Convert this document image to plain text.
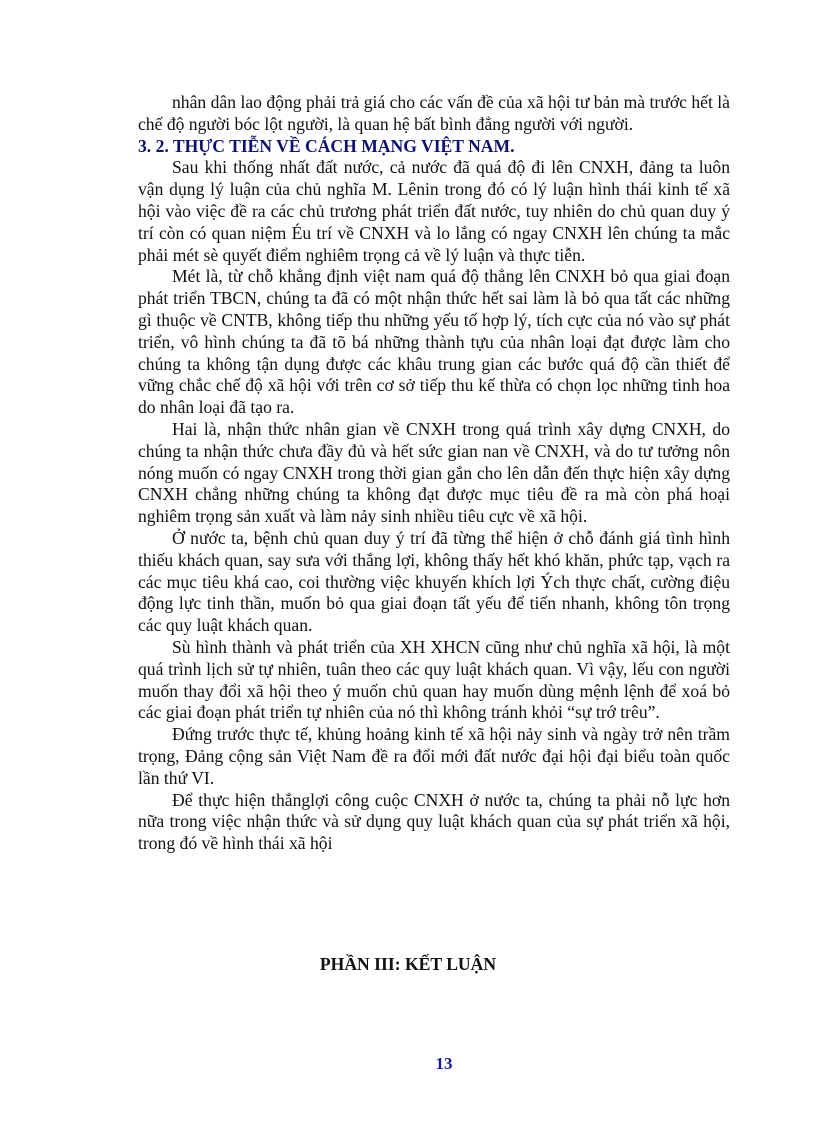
nhân dân lao động phải trả giá cho các vấn đề của xã hội tư bản mà trước hết là chế độ người bóc lột người, là quan hệ bất bình đẳng người với người.

3. 2. THỰC TIỄN VỀ CÁCH MẠNG VIỆT NAM.

Sau khi thống nhất đất nước, cả nước đã quá độ đi lên CNXH, đảng ta luôn vận dụng lý luận của chủ nghĩa M. Lênin trong đó có lý luận hình thái kinh tế xã hội vào việc đề ra các chủ trương phát triển đất nước, tuy nhiên do chủ quan duy ý trí còn có quan niệm Éu trí về CNXH và lo lắng có ngay CNXH lên chúng ta mắc phải mét sè quyết điểm nghiêm trọng cả về lý luận và thực tiễn.

Mét là, từ chỗ khẳng định việt nam quá độ thẳng lên CNXH bỏ qua giai đoạn phát triển TBCN, chúng ta đã có một nhận thức hết sai làm là bỏ qua tất các những gì thuộc về CNTB, không tiếp thu những yếu tố hợp lý, tích cực của nó vào sự phát triển, vô hình chúng ta đã tõ bá những thành tựu của nhân loại đạt được làm cho chúng ta không tận dụng được các khâu trung gian các bước quá độ cần thiết để vững chắc chế độ xã hội với trên cơ sở tiếp thu kế thừa có chọn lọc những tinh hoa do nhân loại đã tạo ra.

Hai là, nhận thức nhân gian về CNXH trong quá trình xây dựng CNXH, do chúng ta nhận thức chưa đầy đủ và hết sức gian nan về CNXH, và do tư tưởng nôn nóng muốn có ngay CNXH trong thời gian gắn cho lên dẫn đến thực hiện xây dựng CNXH chẳng những chúng ta không đạt được mục tiêu đề ra mà còn phá hoại nghiêm trọng sản xuất và làm nảy sinh nhiều tiêu cực về xã hội.

Ở nước ta, bệnh chủ quan duy ý trí đã từng thể hiện ở chỗ đánh giá tình hình thiếu khách quan, say sưa với thắng lợi, không thấy hết khó khăn, phức tạp, vạch ra các mục tiêu khá cao, coi thường việc khuyến khích lợi Ých thực chất, cường điệu động lực tinh thần, muốn bỏ qua giai đoạn tất yếu để tiến nhanh, không tôn trọng các quy luật khách quan.

Sù hình thành và phát triển của XH XHCN cũng như chủ nghĩa xã hội, là một quá trình lịch sử tự nhiên, tuân theo các quy luật khách quan. Vì vậy, lếu con người muốn thay đổi xã hội theo ý muốn chủ quan hay muốn dùng mệnh lệnh để xoá bỏ các giai đoạn phát triển tự nhiên của nó thì không tránh khỏi “sự trớ trêu”.

Đứng trước thực tế, khủng hoảng kinh tế xã hội nảy sinh và ngày trở nên trầm trọng, Đảng cộng sản Việt Nam đề ra đổi mới đất nước đại hội đại biểu toàn quốc lần thứ VI.

Để thực hiện thắnglợi công cuộc CNXH ở nước ta, chúng ta phải nỗ lực hơn nữa trong việc nhận thức và sử dụng quy luật khách quan của sự phát triển xã hội, trong đó về hình thái xã hội

PHẦN III: KẾT LUẬN
13
